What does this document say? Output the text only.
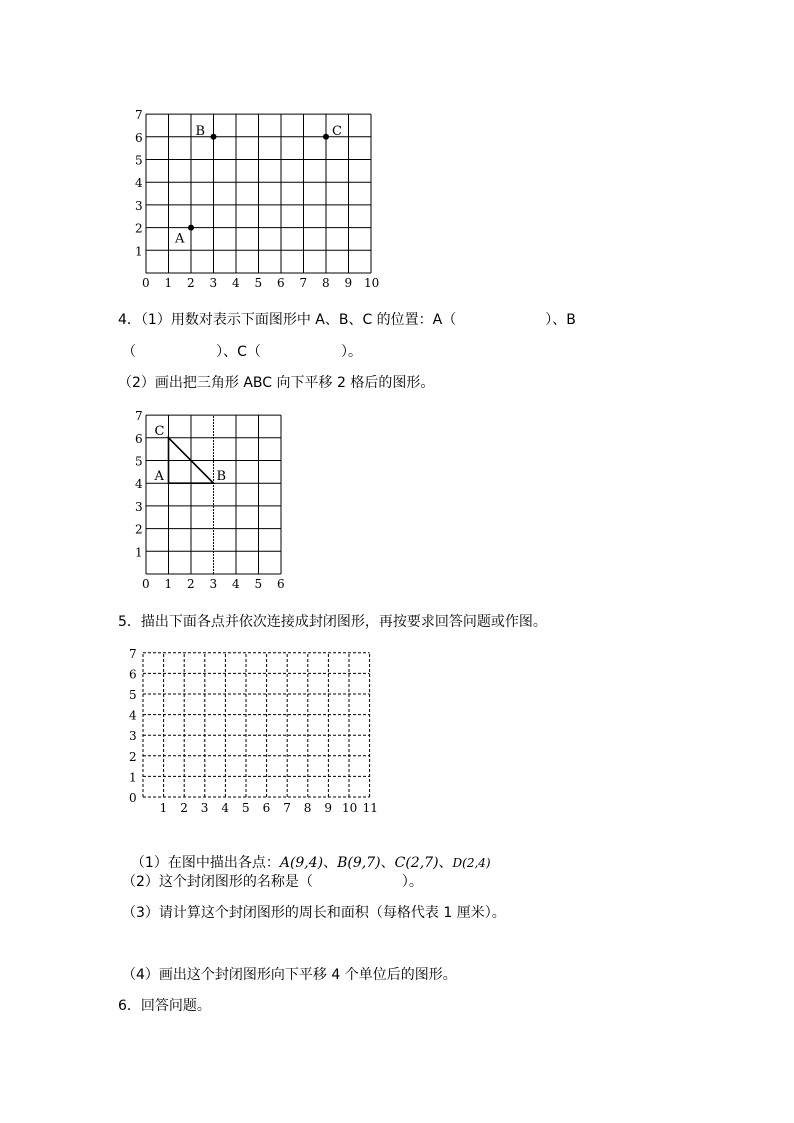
7
6
5
4
3
2
1
0 1 2 3 4 5 6 7 8 9 10
B	C
A
4．（1）用数对表示下面图形中 A、B、C 的位置：A（                    ）、B
（                  ）、C（                  ）。
（2）画出把三角形 ABC 向下平移 2 格后的图形。
7
6
5
4
3
2
1
0 1 2 3 4 5 6
C
A	B
5．描出下面各点并依次连接成封闭图形，再按要求回答问题或作图。
7
6
5
4
3
2
1
0
1 2 3 4 5 6 7 8 9 10 11

（1）在图中描出各点：A(9,4)、B(9,7)、C(2,7)、D(2,4)

（2）这个封闭图形的名称是（                    ）。
（3）请计算这个封闭图形的周长和面积（每格代表 1 厘米）。
（4）画出这个封闭图形向下平移 4 个单位后的图形。
6．回答问题。
